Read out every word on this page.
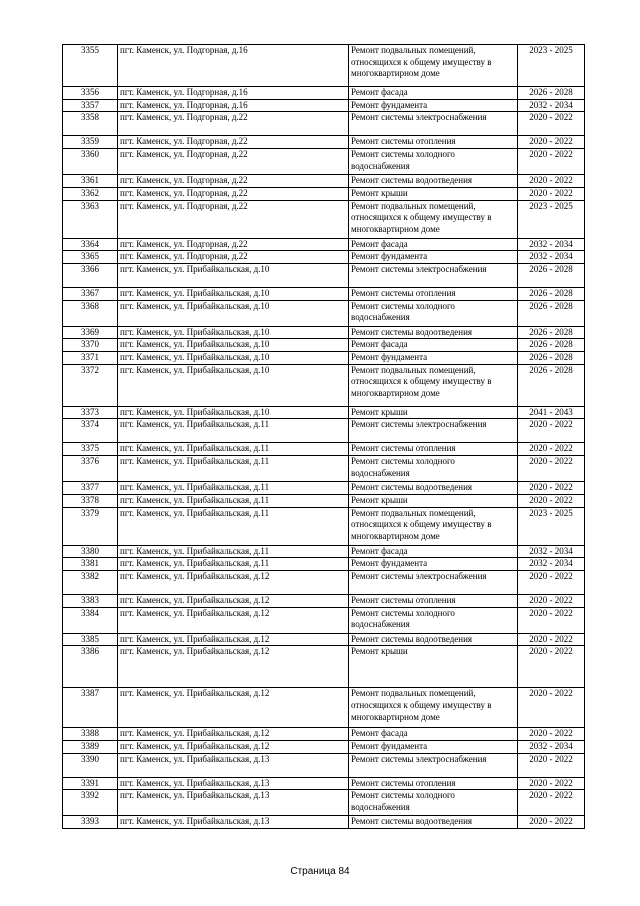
3355	пгт. Каменск, ул. Подгорная, д.16	Ремонт подвальных помещений,
относящихся к общему имуществу в
многоквартирном доме	2023 - 2025
3356	пгт. Каменск, ул. Подгорная, д.16	Ремонт фасада	2026 - 2028
3357	пгт. Каменск, ул. Подгорная, д.16	Ремонт фундамента	2032 - 2034
3358	пгт. Каменск, ул. Подгорная, д.22	Ремонт системы электроснабжения	2020 - 2022
3359	пгт. Каменск, ул. Подгорная, д.22	Ремонт системы отопления	2020 - 2022
3360	пгт. Каменск, ул. Подгорная, д.22	Ремонт системы холодного
водоснабжения	2020 - 2022
3361	пгт. Каменск, ул. Подгорная, д.22	Ремонт системы водоотведения	2020 - 2022
3362	пгт. Каменск, ул. Подгорная, д.22	Ремонт крыши	2020 - 2022
3363	пгт. Каменск, ул. Подгорная, д.22	Ремонт подвальных помещений,
относящихся к общему имуществу в
многоквартирном доме	2023 - 2025
3364	пгт. Каменск, ул. Подгорная, д.22	Ремонт фасада	2032 - 2034
3365	пгт. Каменск, ул. Подгорная, д.22	Ремонт фундамента	2032 - 2034
3366	пгт. Каменск, ул. Прибайкальская, д.10	Ремонт системы электроснабжения	2026 - 2028
3367	пгт. Каменск, ул. Прибайкальская, д.10	Ремонт системы отопления	2026 - 2028
3368	пгт. Каменск, ул. Прибайкальская, д.10	Ремонт системы холодного
водоснабжения	2026 - 2028
3369	пгт. Каменск, ул. Прибайкальская, д.10	Ремонт системы водоотведения	2026 - 2028
3370	пгт. Каменск, ул. Прибайкальская, д.10	Ремонт фасада	2026 - 2028
3371	пгт. Каменск, ул. Прибайкальская, д.10	Ремонт фундамента	2026 - 2028
3372	пгт. Каменск, ул. Прибайкальская, д.10	Ремонт подвальных помещений,
относящихся к общему имуществу в
многоквартирном доме	2026 - 2028
3373	пгт. Каменск, ул. Прибайкальская, д.10	Ремонт крыши	2041 - 2043
3374	пгт. Каменск, ул. Прибайкальская, д.11	Ремонт системы электроснабжения	2020 - 2022
3375	пгт. Каменск, ул. Прибайкальская, д.11	Ремонт системы отопления	2020 - 2022
3376	пгт. Каменск, ул. Прибайкальская, д.11	Ремонт системы холодного
водоснабжения	2020 - 2022
3377	пгт. Каменск, ул. Прибайкальская, д.11	Ремонт системы водоотведения	2020 - 2022
3378	пгт. Каменск, ул. Прибайкальская, д.11	Ремонт крыши	2020 - 2022
3379	пгт. Каменск, ул. Прибайкальская, д.11	Ремонт подвальных помещений,
относящихся к общему имуществу в
многоквартирном доме	2023 - 2025
3380	пгт. Каменск, ул. Прибайкальская, д.11	Ремонт фасада	2032 - 2034
3381	пгт. Каменск, ул. Прибайкальская, д.11	Ремонт фундамента	2032 - 2034
3382	пгт. Каменск, ул. Прибайкальская, д.12	Ремонт системы электроснабжения	2020 - 2022
3383	пгт. Каменск, ул. Прибайкальская, д.12	Ремонт системы отопления	2020 - 2022
3384	пгт. Каменск, ул. Прибайкальская, д.12	Ремонт системы холодного
водоснабжения	2020 - 2022
3385	пгт. Каменск, ул. Прибайкальская, д.12	Ремонт системы водоотведения	2020 - 2022
3386	пгт. Каменск, ул. Прибайкальская, д.12	Ремонт крыши	2020 - 2022
3387	пгт. Каменск, ул. Прибайкальская, д.12	Ремонт подвальных помещений,
относящихся к общему имуществу в
многоквартирном доме	2020 - 2022
3388	пгт. Каменск, ул. Прибайкальская, д.12	Ремонт фасада	2020 - 2022
3389	пгт. Каменск, ул. Прибайкальская, д.12	Ремонт фундамента	2032 - 2034
3390	пгт. Каменск, ул. Прибайкальская, д.13	Ремонт системы электроснабжения	2020 - 2022
3391	пгт. Каменск, ул. Прибайкальская, д.13	Ремонт системы отопления	2020 - 2022
3392	пгт. Каменск, ул. Прибайкальская, д.13	Ремонт системы холодного
водоснабжения	2020 - 2022
3393	пгт. Каменск, ул. Прибайкальская, д.13	Ремонт системы водоотведения	2020 - 2022
Страница 84
